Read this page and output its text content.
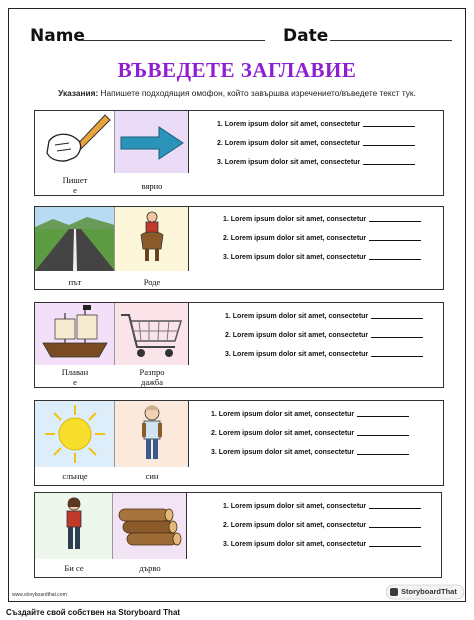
Name	Date
ВЪВЕДЕТЕ ЗАГЛАВИЕ
Указания: Напишете подходящия омофон, който завършва изречението/въведете текст тук.
Пишет
е	вярно
1. Lorem ipsum dolor sit amet, consectetur
2. Lorem ipsum dolor sit amet, consectetur
3. Lorem ipsum dolor sit amet, consectetur
път	Роде
1. Lorem ipsum dolor sit amet, consectetur
2. Lorem ipsum dolor sit amet, consectetur
3. Lorem ipsum dolor sit amet, consectetur
Плаван
е
Разпро
дажба
1. Lorem ipsum dolor sit amet, consectetur
2. Lorem ipsum dolor sit amet, consectetur
3. Lorem ipsum dolor sit amet, consectetur
слънце	син
1. Lorem ipsum dolor sit amet, consectetur
2. Lorem ipsum dolor sit amet, consectetur
3. Lorem ipsum dolor sit amet, consectetur
Би се	дърво
1. Lorem ipsum dolor sit amet, consectetur
2. Lorem ipsum dolor sit amet, consectetur
3. Lorem ipsum dolor sit amet, consectetur
www.storyboardthat.com	StoryboardThat
Създайте свой собствен на Storyboard That
